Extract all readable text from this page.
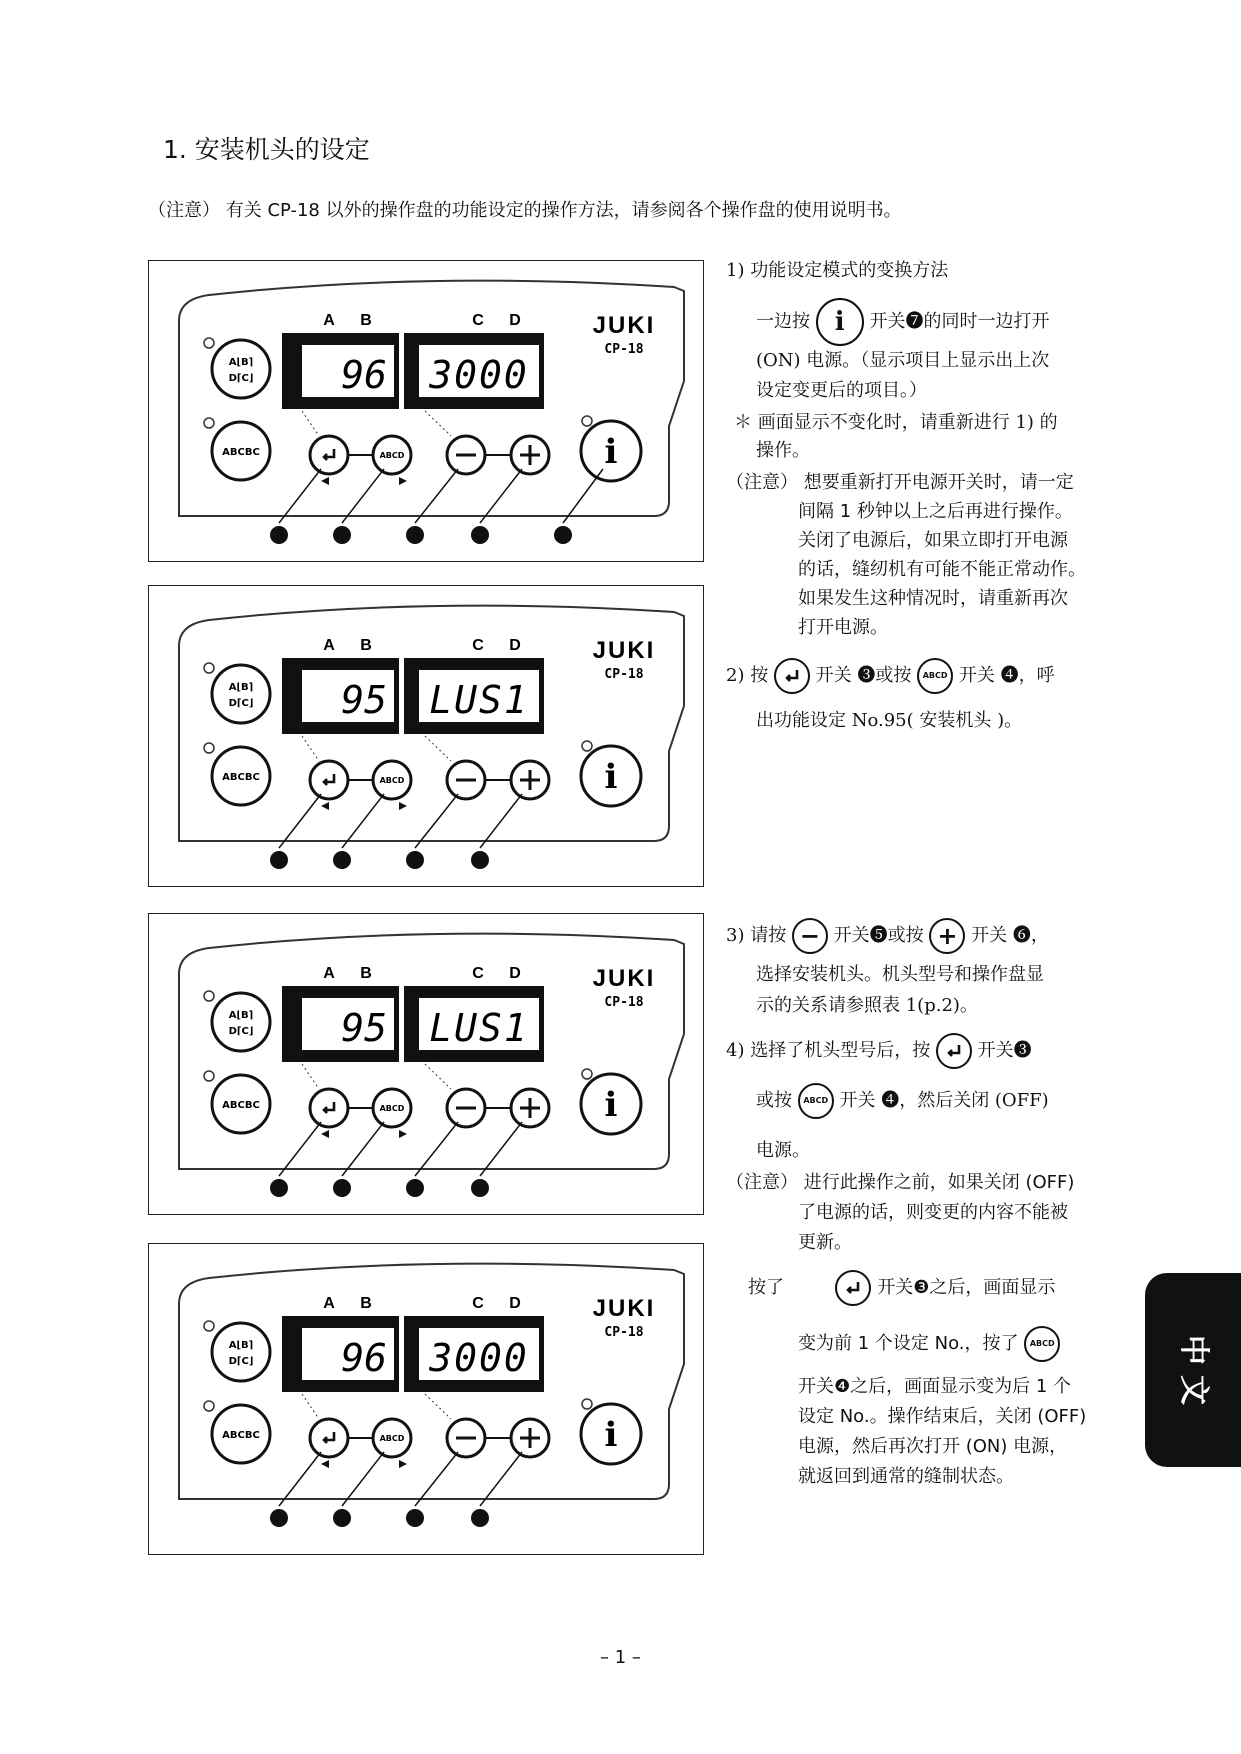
1. 安装机头的设定
（注意） 有关 CP-18 以外的操作盘的功能设定的操作方法，请参阅各个操作盘的使用说明书。
A⌊B⌉
D⌈C⌋
ABCBC
A B	C D
96 3000
JUKI
CP-18
ABCD	i
❸	❹	❺	❻	❼
A⌊B⌉
D⌈C⌋
ABCBC
A B	C D
95 LUS1
JUKI
CP-18
ABCD	i
❸	❹	❺	❻
A⌊B⌉
D⌈C⌋
ABCBC
A B	C D
95 LUS1
JUKI
CP-18
ABCD	i
❸	❹	❺	❻
A⌊B⌉
D⌈C⌋
ABCBC
A B	C D
96 3000
JUKI
CP-18
ABCD	i
❸	❹	❺	❻
1) 功能设定模式的变换方法
一边按 i 开关❼的同时一边打开
(ON) 电源。（显示项目上显示出上次
设定变更后的项目。）
＊ 画面显示不变化时，请重新进行 1) 的
操作。
（注意） 想要重新打开电源开关时，请一定
间隔 1 秒钟以上之后再进行操作。
关闭了电源后，如果立即打开电源
的话，缝纫机有可能不能正常动作。
如果发生这种情况时，请重新再次
打开电源。
2) 按	开关 ❸或按 ABCD 开关 ❹，呼
出功能设定 No.95( 安装机头 )。
3) 请按 − 开关❺或按 + 开关 ❻，
选择安装机头。机头型号和操作盘显
示的关系请参照表 1(p.2)。
4) 选择了机头型号后，按	开关❸
或按 ABCD 开关 ❹，然后关闭 (OFF)
电源。
（注意） 进行此操作之前，如果关闭 (OFF)
了电源的话，则变更的内容不能被
更新。
按了	开关❸之后，画面显示
变为前 1 个设定 No.，按了 ABCD
开关❹之后，画面显示变为后 1 个
设定 No.。操作结束后，关闭 (OFF)
电源，然后再次打开 (ON) 电源，
就返回到通常的缝制状态。
中
文
– 1 –
